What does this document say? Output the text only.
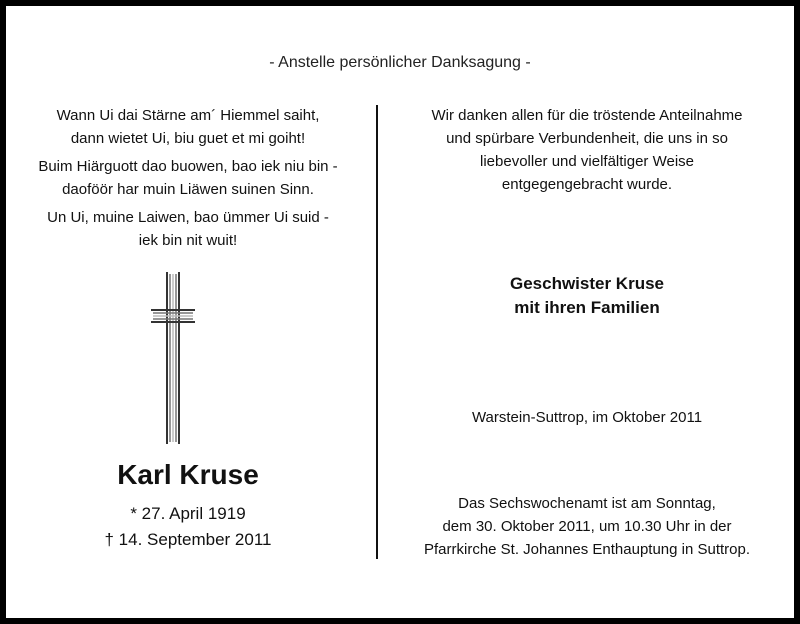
- Anstelle persönlicher Danksagung -
Wann Ui dai Stärne am´ Hiemmel saiht,
dann wietet Ui, biu guet et mi goiht!
Buim Hiärguott dao buowen, bao iek niu bin -
daoföör har muin Liäwen suinen Sinn.
Un Ui, muine Laiwen, bao ümmer Ui suid -
iek bin nit wuit!
Karl Kruse
* 27. April 1919
† 14. September 2011
Wir danken allen für die tröstende Anteilnahme
und spürbare Verbundenheit, die uns in so
liebevoller und vielfältiger Weise
entgegengebracht wurde.
Geschwister Kruse
mit ihren Familien
Warstein-Suttrop, im Oktober 2011
Das Sechswochenamt ist am Sonntag,
dem 30. Oktober 2011, um 10.30 Uhr in der
Pfarrkirche St. Johannes Enthauptung in Suttrop.
